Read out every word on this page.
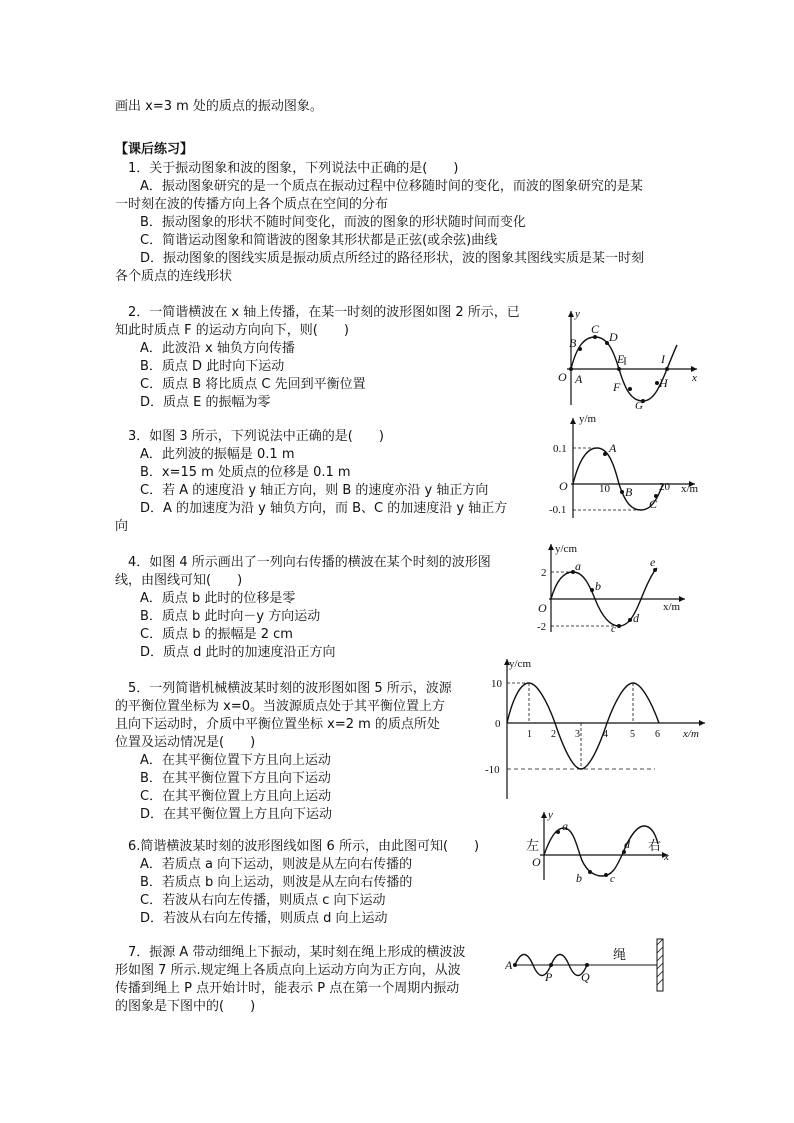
画出 x=3 m 处的质点的振动图象。
【课后练习】
1．关于振动图象和波的图象，下列说法中正确的是(　　)
A．振动图象研究的是一个质点在振动过程中位移随时间的变化，而波的图象研究的是某
一时刻在波的传播方向上各个质点在空间的分布
B．振动图象的形状不随时间变化，而波的图象的形状随时间而变化
C．简谐运动图象和简谐波的图象其形状都是正弦(或余弦)曲线
D．振动图象的图线实质是振动质点所经过的路径形状，波的图象其图线实质是某一时刻
各个质点的连线形状
2．一简谐横波在 x 轴上传播，在某一时刻的波形图如图 2 所示，已
知此时质点 F 的运动方向向下，则(　　)
A．此波沿 x 轴负方向传播
B．质点 D 此时向下运动
C．质点 B 将比质点 C 先回到平衡位置
D．质点 E 的振幅为零
y
x
O A
B
C
D
E
F
G
H
I
3．如图 3 所示，下列说法中正确的是(　　)
A．此列波的振幅是 0.1 m
B．x=15 m 处质点的位移是 0.1 m
C．若 A 的速度沿 y 轴正方向，则 B 的速度亦沿 y 轴正方向
D．A 的加速度为沿 y 轴负方向，而 B、C 的加速度沿 y 轴正方
向
y/m
x/m
O
0.1
-0.1
10	20
A
B
C
4．如图 4 所示画出了一列向右传播的横波在某个时刻的波形图
线，由图线可知(　　)
A．质点 b 此时的位移是零
B．质点 b 此时向－y 方向运动
C．质点 b 的振幅是 2 cm
D．质点 d 此时的加速度沿正方向
y/cm
x/m
O
2
-2
a
b
c
d
e
5．一列简谐机械横波某时刻的波形图如图 5 所示，波源
的平衡位置坐标为 x=0。当波源质点处于其平衡位置上方
且向下运动时，介质中平衡位置坐标 x=2 m 的质点所处
位置及运动情况是(　　)
A．在其平衡位置下方且向上运动
B．在其平衡位置下方且向下运动
C．在其平衡位置上方且向上运动
D．在其平衡位置上方且向下运动
y/cm
x/m
0
10
-10
1 2 3 4 5 6
6.简谐横波某时刻的波形图线如图 6 所示，由此图可知(　　)
A．若质点 a 向下运动，则波是从左向右传播的
B．若质点 b 向上运动，则波是从左向右传播的
C．若波从右向左传播，则质点 c 向下运动
D．若波从右向左传播，则质点 d 向上运动
y
x
O
左	右
a
b	c
d
7．振源 A 带动细绳上下振动，某时刻在绳上形成的横波波
形如图 7 所示.规定绳上各质点向上运动方向为正方向，从波
传播到绳上 P 点开始计时，能表示 P 点在第一个周期内振动
的图象是下图中的(　　)
A
P Q
绳
